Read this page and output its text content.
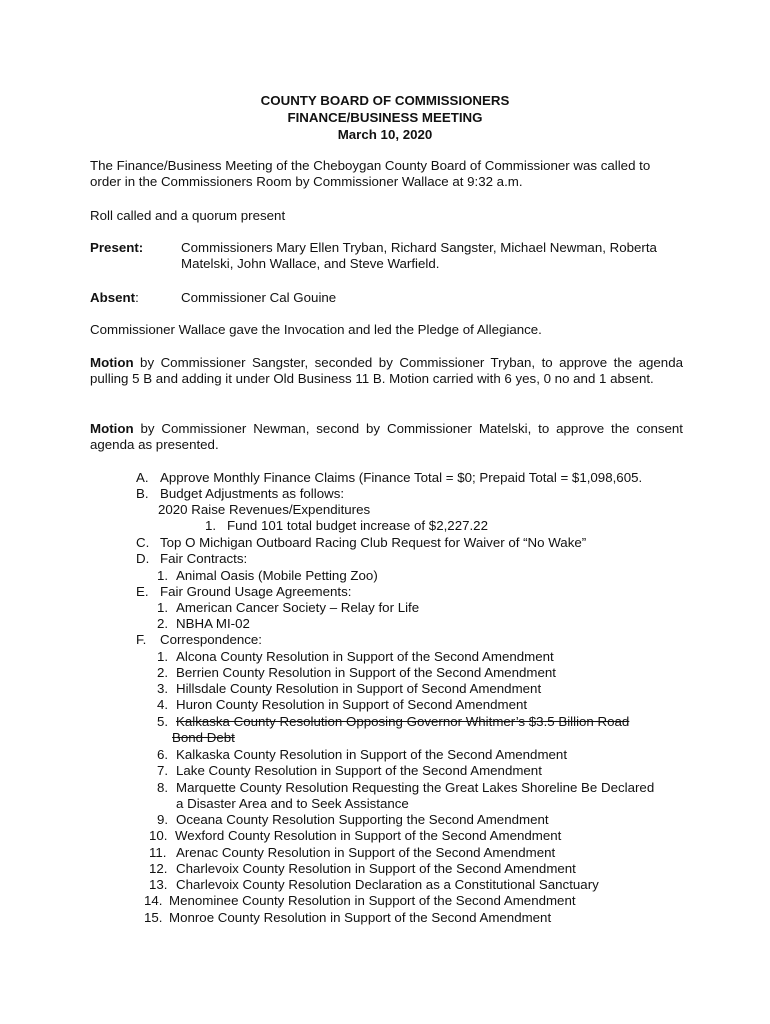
COUNTY BOARD OF COMMISSIONERS
FINANCE/BUSINESS MEETING
March 10, 2020
The Finance/Business Meeting of the Cheboygan County Board of Commissioner was called to order in the Commissioners Room by Commissioner Wallace at 9:32 a.m.
Roll called and a quorum present
Present:	Commissioners Mary Ellen Tryban, Richard Sangster, Michael Newman, Roberta Matelski, John Wallace, and Steve Warfield.
Absent:	Commissioner Cal Gouine
Commissioner Wallace gave the Invocation and led the Pledge of Allegiance.
Motion by Commissioner Sangster, seconded by Commissioner Tryban, to approve the agenda pulling 5 B and adding it under Old Business 11 B. Motion carried with 6 yes, 0 no and 1 absent.
Motion by Commissioner Newman, second by Commissioner Matelski, to approve the consent agenda as presented.
A. Approve Monthly Finance Claims (Finance Total = $0; Prepaid Total = $1,098,605.
B. Budget Adjustments as follows:
2020 Raise Revenues/Expenditures
1. Fund 101 total budget increase of $2,227.22
C. Top O Michigan Outboard Racing Club Request for Waiver of “No Wake”
D. Fair Contracts:
1. Animal Oasis (Mobile Petting Zoo)
E. Fair Ground Usage Agreements:
1. American Cancer Society – Relay for Life
2. NBHA MI-02
F. Correspondence:
1. Alcona County Resolution in Support of the Second Amendment
2. Berrien County Resolution in Support of the Second Amendment
3. Hillsdale County Resolution in Support of Second Amendment
4. Huron County Resolution in Support of Second Amendment
5. Kalkaska County Resolution Opposing Governor Whitmer’s $3.5 Billion Road
Bond Debt
6. Kalkaska County Resolution in Support of the Second Amendment
7. Lake County Resolution in Support of the Second Amendment
8. Marquette County Resolution Requesting the Great Lakes Shoreline Be Declared
a Disaster Area and to Seek Assistance
9. Oceana County Resolution Supporting the Second Amendment
10. Wexford County Resolution in Support of the Second Amendment
11. Arenac County Resolution in Support of the Second Amendment
12. Charlevoix County Resolution in Support of the Second Amendment
13. Charlevoix County Resolution Declaration as a Constitutional Sanctuary
14. Menominee County Resolution in Support of the Second Amendment
15. Monroe County Resolution in Support of the Second Amendment
